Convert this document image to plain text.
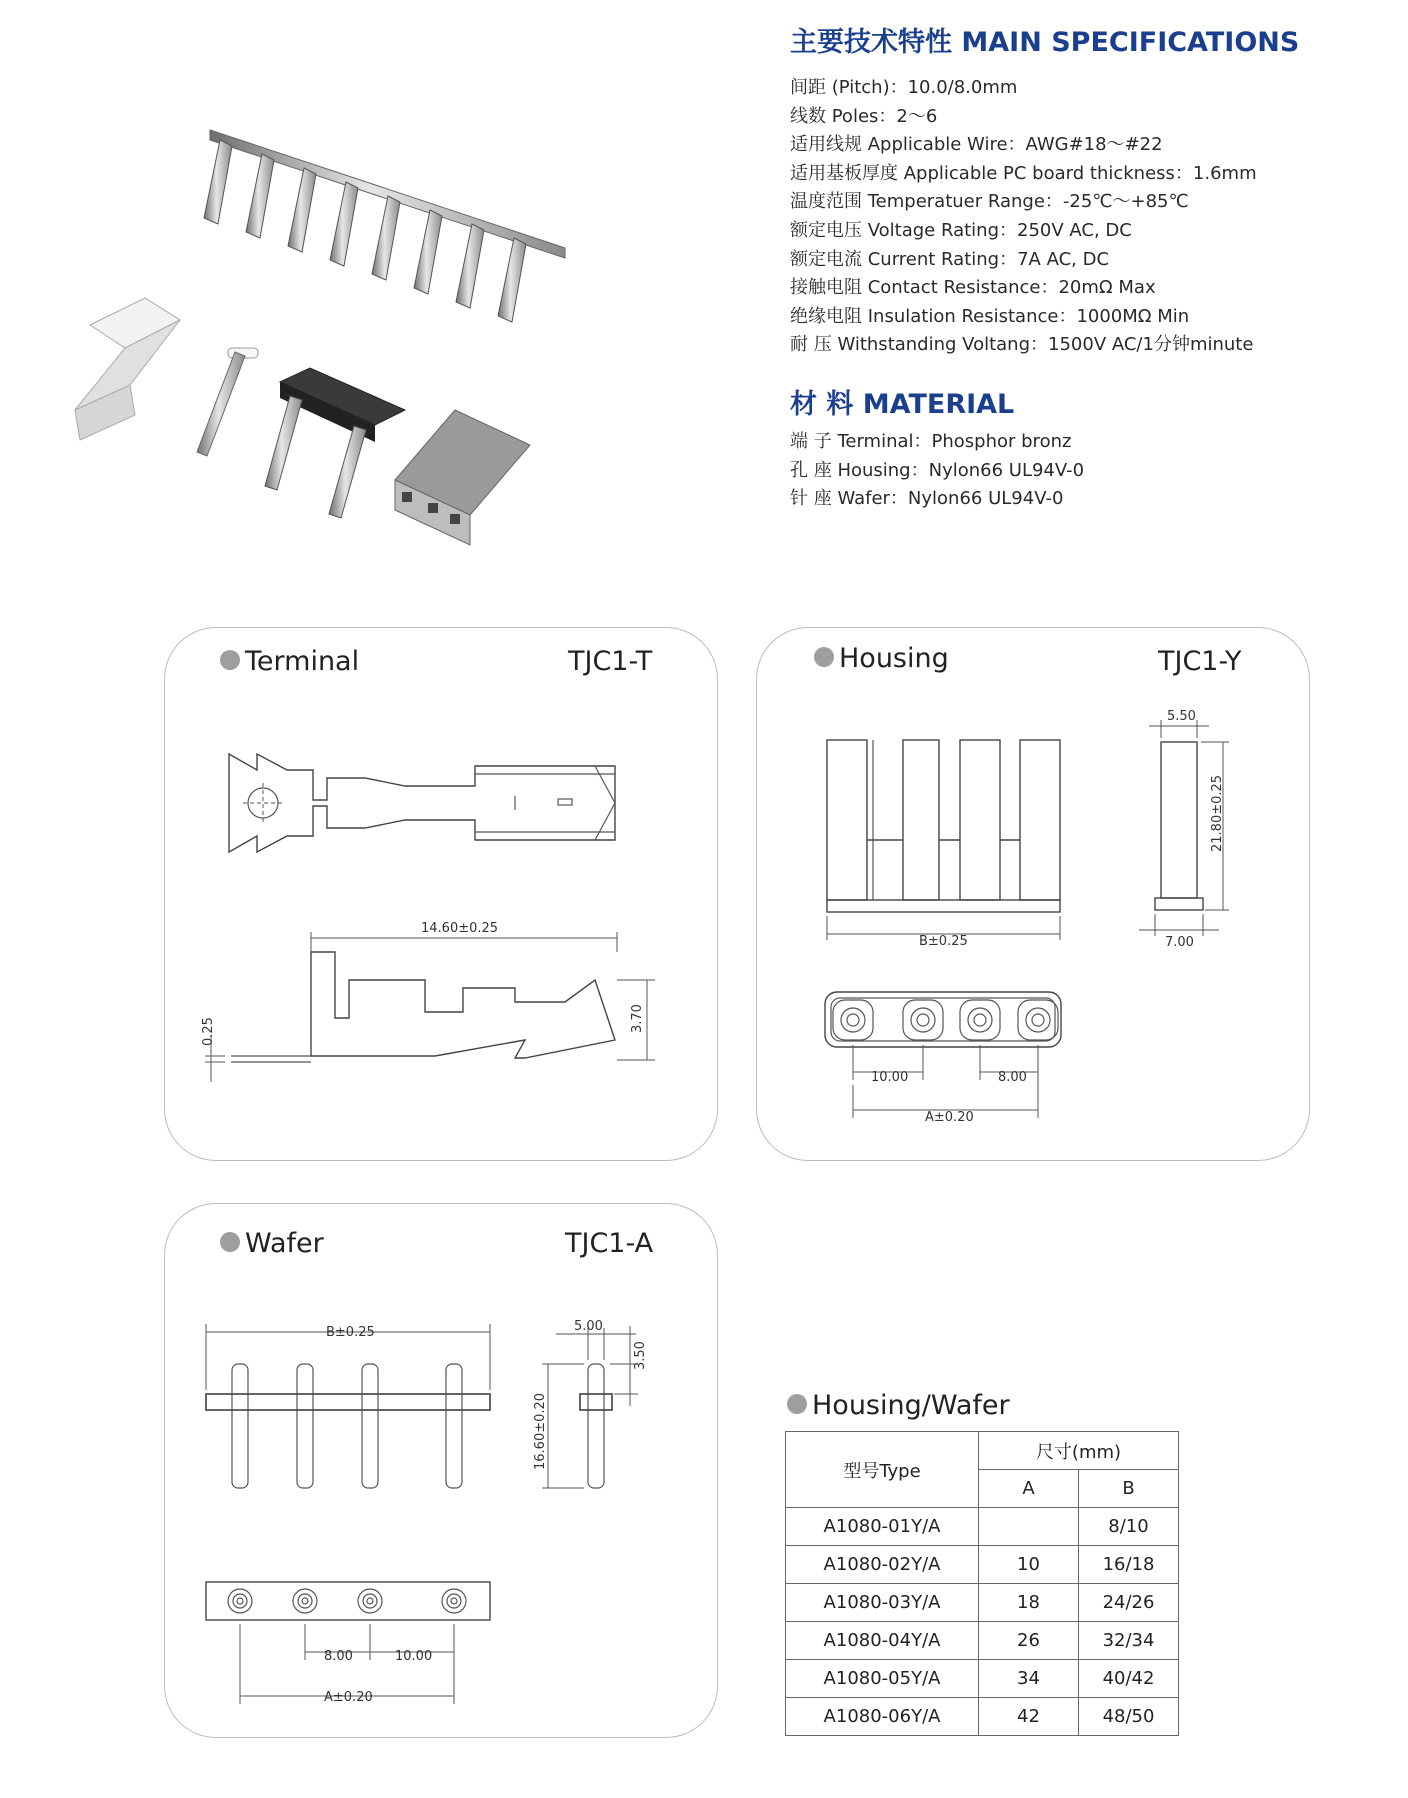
主要技术特性 MAIN SPECIFICATIONS
间距 (Pitch)：10.0/8.0mm
线数 Poles：2～6
适用线规 Applicable Wire：AWG#18～#22
适用基板厚度 Applicable PC board thickness：1.6mm
温度范围 Temperatuer Range：-25℃～+85℃
额定电压 Voltage Rating：250V AC, DC
额定电流 Current Rating：7A AC, DC
接触电阻 Contact Resistance：20mΩ Max
绝缘电阻 Insulation Resistance：1000MΩ Min
耐 压 Withstanding Voltang：1500V AC/1分钟minute
材 料 MATERIAL
端 子 Terminal：Phosphor bronz
孔 座 Housing：Nylon66 UL94V-0
针 座 Wafer：Nylon66 UL94V-0
Terminal	TJC1-T
14.60±0.25
3.70
0.25
Housing	TJC1-Y
B±0.25
5.50
21.80±0.25
7.00
10.00	8.00
A±0.20
Wafer	TJC1-A
B±0.25	5.00
3.50
16.60±0.20
8.00	10.00
A±0.20
Housing/Wafer
型号Type	尺寸(mm)	
	A	B
A1080-01Y/A		8/10
A1080-02Y/A	10	16/18
A1080-03Y/A	18	24/26
A1080-04Y/A	26	32/34
A1080-05Y/A	34	40/42
A1080-06Y/A	42	48/50
